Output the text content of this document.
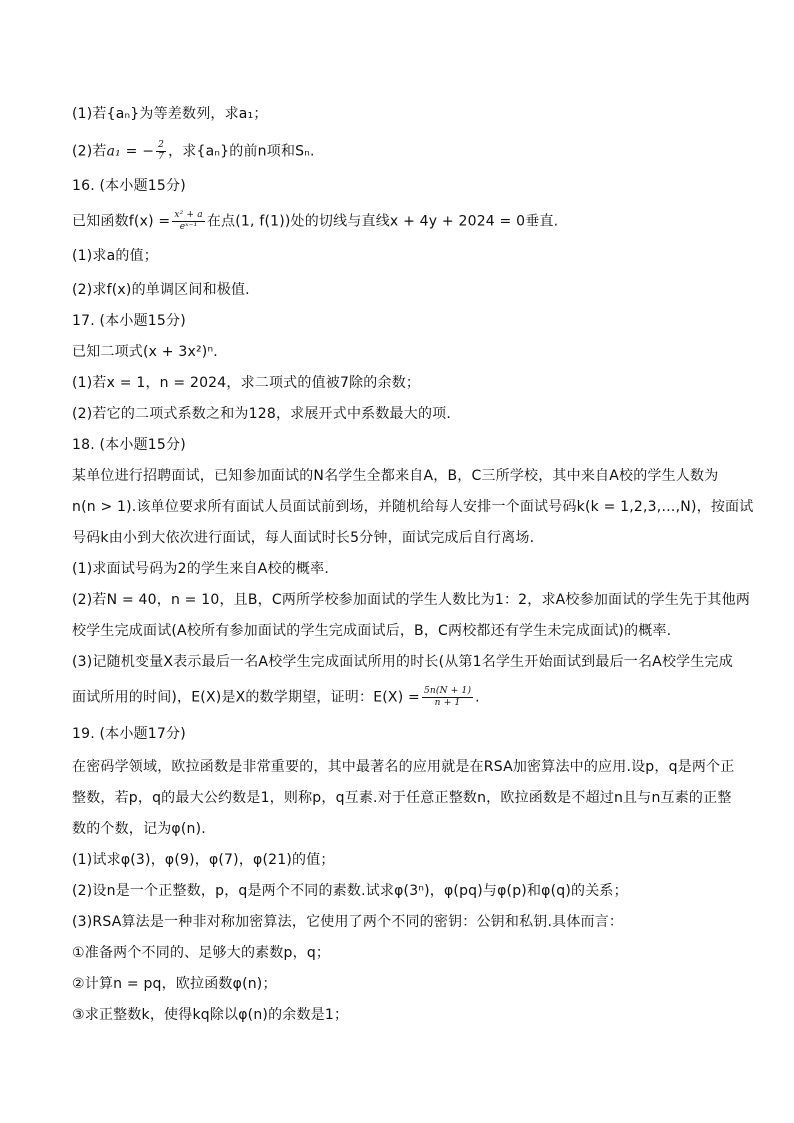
(1)若{aₙ}为等差数列，求a₁；
(2)若a₁ = − $\frac{2}{7}$ ，求{aₙ}的前n项和Sₙ.
16. (本小题15分)
已知函数$f(x) = \frac{\text{x² + a}}{\text{eˣ⁻¹}}$ 在点(1, f(1))处的切线与直线x + 4y + 2024 = 0垂直.
(1)求a的值；
(2)求f(x)的单调区间和极值.
17. (本小题15分)
已知二项式(x + 3x²)ⁿ.
(1)若x = 1，n = 2024，求二项式的值被7除的余数；
(2)若它的二项式系数之和为128，求展开式中系数最大的项.
18. (本小题15分)
某单位进行招聘面试，已知参加面试的N名学生全都来自A，B，C三所学校，其中来自A校的学生人数为
n(n > 1).该单位要求所有面试人员面试前到场，并随机给每人安排一个面试号码k(k = 1,2,3,…,N)，按面试
号码k由小到大依次进行面试，每人面试时长5分钟，面试完成后自行离场.
(1)求面试号码为2的学生来自A校的概率.
(2)若N = 40，n = 10，且B，C两所学校参加面试的学生人数比为1：2，求A校参加面试的学生先于其他两
校学生完成面试(A校所有参加面试的学生完成面试后，B，C两校都还有学生未完成面试)的概率.
(3)记随机变量X表示最后一名A校学生完成面试所用的时长(从第1名学生开始面试到最后一名A校学生完成
面试所用的时间)，E(X)是X的数学期望，证明：$E(X) = \frac{5n(N + 1)}{n + 1}$ .
19. (本小题17分)
在密码学领域，欧拉函数是非常重要的，其中最著名的应用就是在RSA加密算法中的应用.设p，q是两个正
整数，若p，q的最大公约数是1，则称p，q互素.对于任意正整数n，欧拉函数是不超过n且与n互素的正整
数的个数，记为φ(n).
(1)试求φ(3)，φ(9)，φ(7)，φ(21)的值；
(2)设n是一个正整数，p，q是两个不同的素数.试求φ(3ⁿ)，φ(pq)与φ(p)和φ(q)的关系；
(3)RSA算法是一种非对称加密算法，它使用了两个不同的密钥：公钥和私钥.具体而言：
①准备两个不同的、足够大的素数p，q；
②计算n = pq，欧拉函数φ(n)；
③求正整数k，使得kq除以φ(n)的余数是1；
